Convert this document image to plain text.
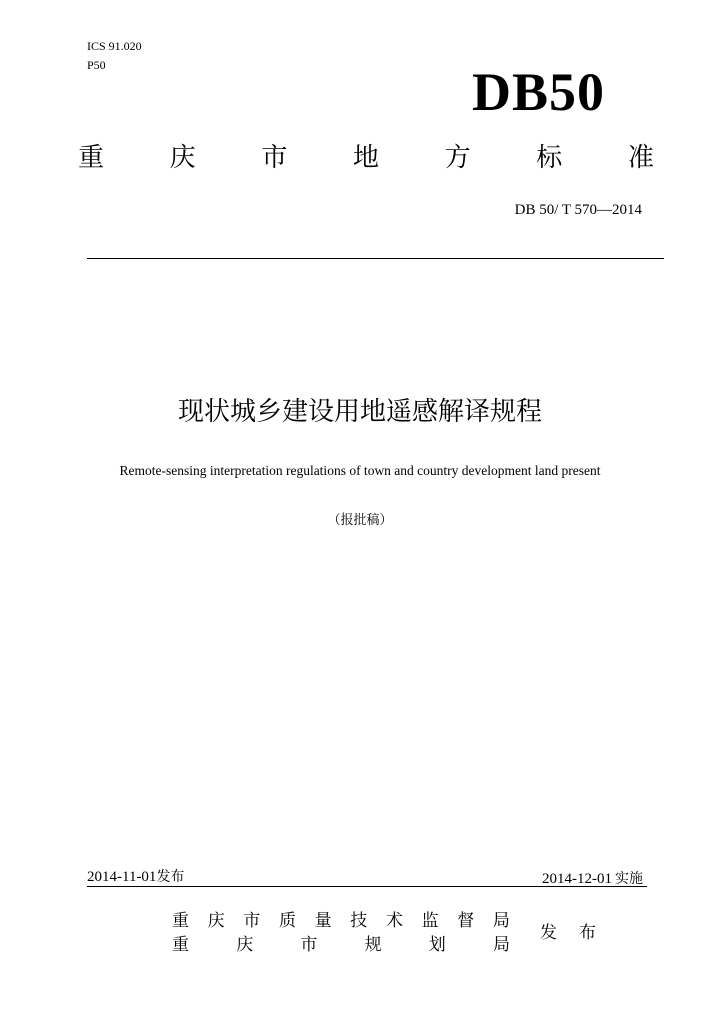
ICS 91.020
P50	DB50
重	庆	市	地	方	标	准
DB 50/ T 570—2014
现状城乡建设用地遥感解译规程
Remote-sensing interpretation regulations of town and country development land present
（报批稿）
2014-11-01发布	2014-12-01  实施
重 庆 市 质 量 技 术 监 督 局
重	庆	市	规	划	局
发 布
